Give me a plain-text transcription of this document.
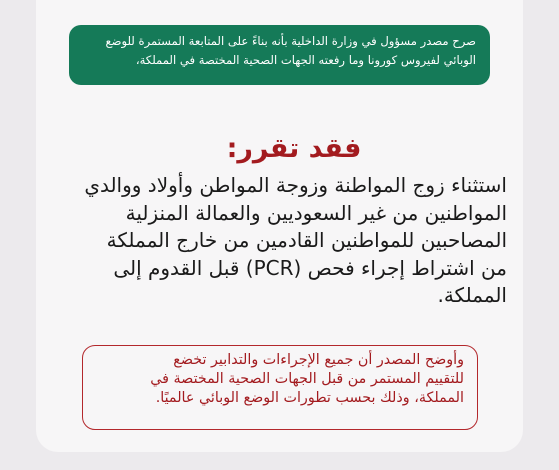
صرح مصدر مسؤول في وزارة الداخلية بأنه بناءً على المتابعة المستمرة للوضع
الوبائي لفيروس كورونا وما رفعته الجهات الصحية المختصة في المملكة،
فقد تقرر:
استثناء زوج المواطنة وزوجة المواطن وأولاد ووالدي
المواطنين من غير السعوديين والعمالة المنزلية
المصاحبين للمواطنين القادمين من خارج المملكة
من اشتراط إجراء فحص (PCR) قبل القدوم إلى
المملكة.
وأوضح المصدر أن جميع الإجراءات والتدابير تخضع
للتقييم المستمر من قبل الجهات الصحية المختصة في
المملكة، وذلك بحسب تطورات الوضع الوبائي عالميًا.
